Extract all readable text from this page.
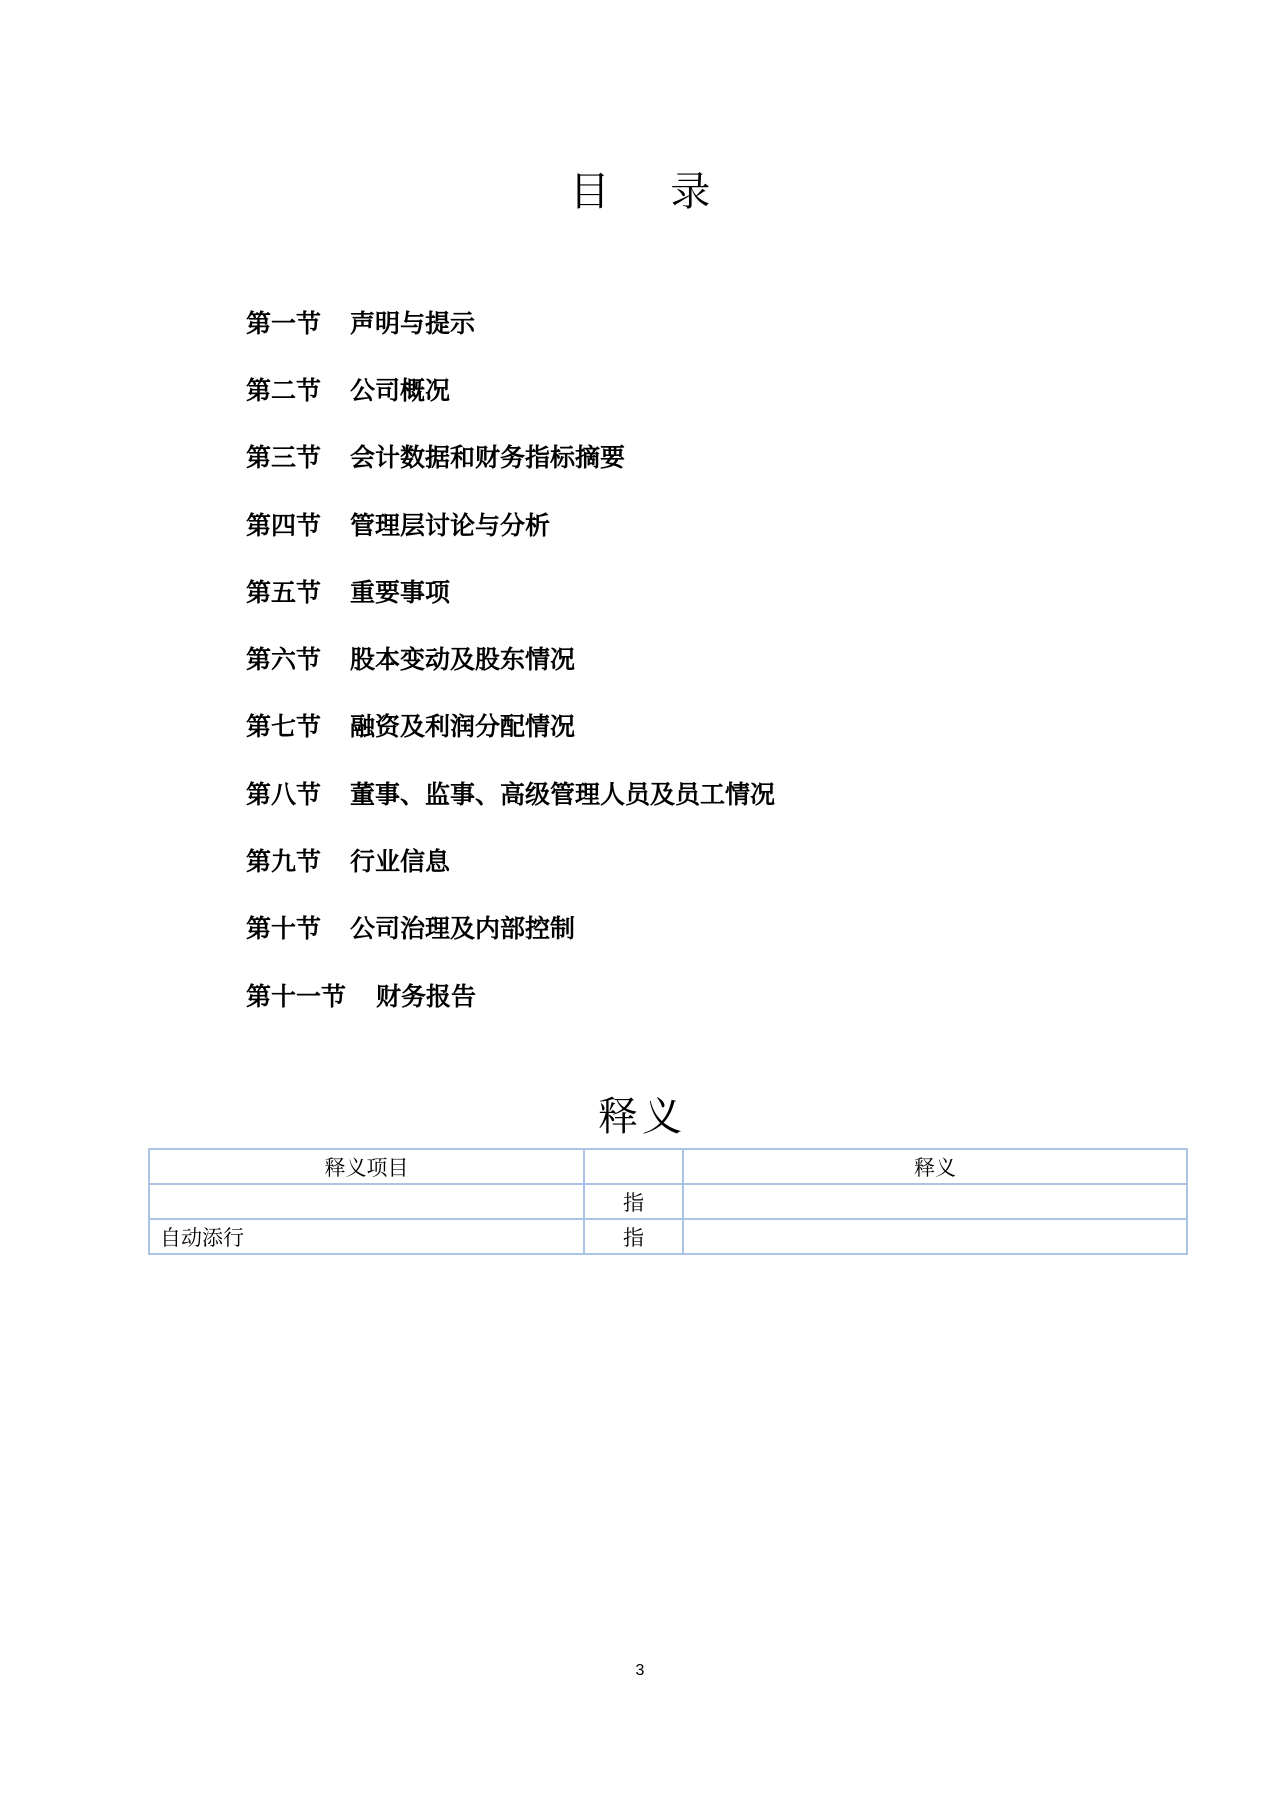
目 录
第一节	声明与提示
第二节	公司概况
第三节	会计数据和财务指标摘要
第四节	管理层讨论与分析
第五节	重要事项
第六节	股本变动及股东情况
第七节	融资及利润分配情况
第八节	董事、监事、高级管理人员及员工情况
第九节	行业信息
第十节	公司治理及内部控制
第十一节	财务报告
释义
释义项目		释义
	指	
自动添行	指	
3
